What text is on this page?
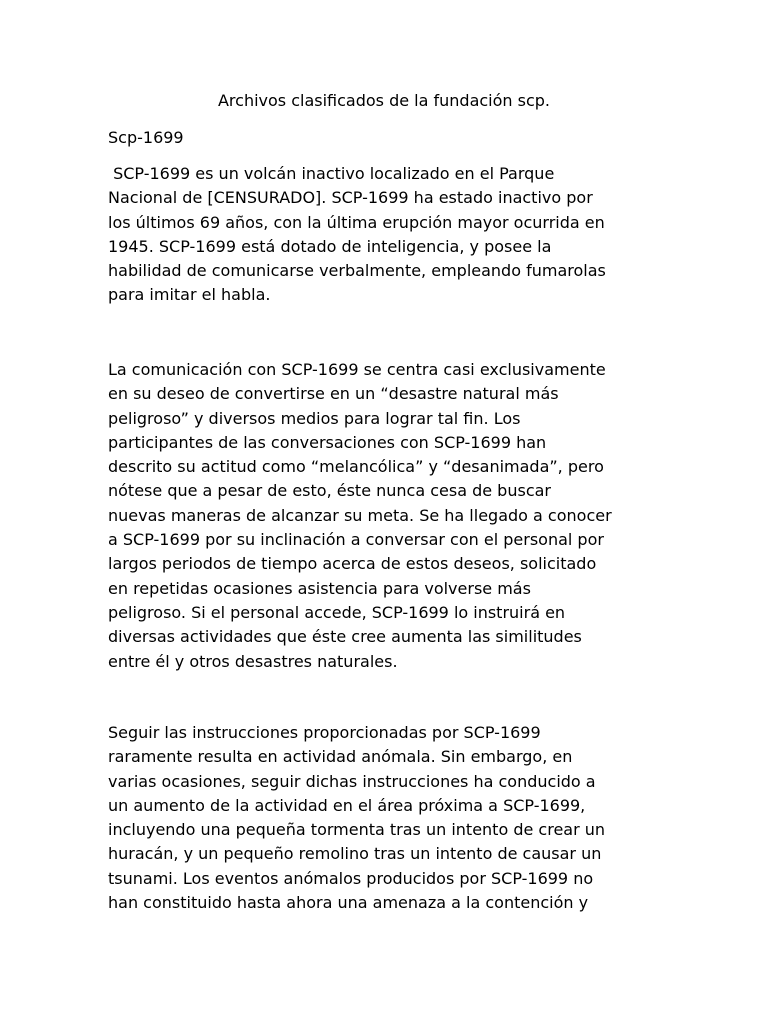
Archivos clasificados de la fundación scp.
Scp-1699

SCP-1699 es un volcán inactivo localizado en el Parque
Nacional de [CENSURADO]. SCP-1699 ha estado inactivo por
los últimos 69 años, con la última erupción mayor ocurrida en
1945. SCP-1699 está dotado de inteligencia, y posee la
habilidad de comunicarse verbalmente, empleando fumarolas
para imitar el habla.

La comunicación con SCP-1699 se centra casi exclusivamente
en su deseo de convertirse en un “desastre natural más
peligroso” y diversos medios para lograr tal fin. Los
participantes de las conversaciones con SCP-1699 han
descrito su actitud como “melancólica” y “desanimada”, pero
nótese que a pesar de esto, éste nunca cesa de buscar
nuevas maneras de alcanzar su meta. Se ha llegado a conocer
a SCP-1699 por su inclinación a conversar con el personal por
largos periodos de tiempo acerca de estos deseos, solicitado
en repetidas ocasiones asistencia para volverse más
peligroso. Si el personal accede, SCP-1699 lo instruirá en
diversas actividades que éste cree aumenta las similitudes
entre él y otros desastres naturales.

Seguir las instrucciones proporcionadas por SCP-1699
raramente resulta en actividad anómala. Sin embargo, en
varias ocasiones, seguir dichas instrucciones ha conducido a
un aumento de la actividad en el área próxima a SCP-1699,
incluyendo una pequeña tormenta tras un intento de crear un
huracán, y un pequeño remolino tras un intento de causar un
tsunami. Los eventos anómalos producidos por SCP-1699 no
han constituido hasta ahora una amenaza a la contención y
